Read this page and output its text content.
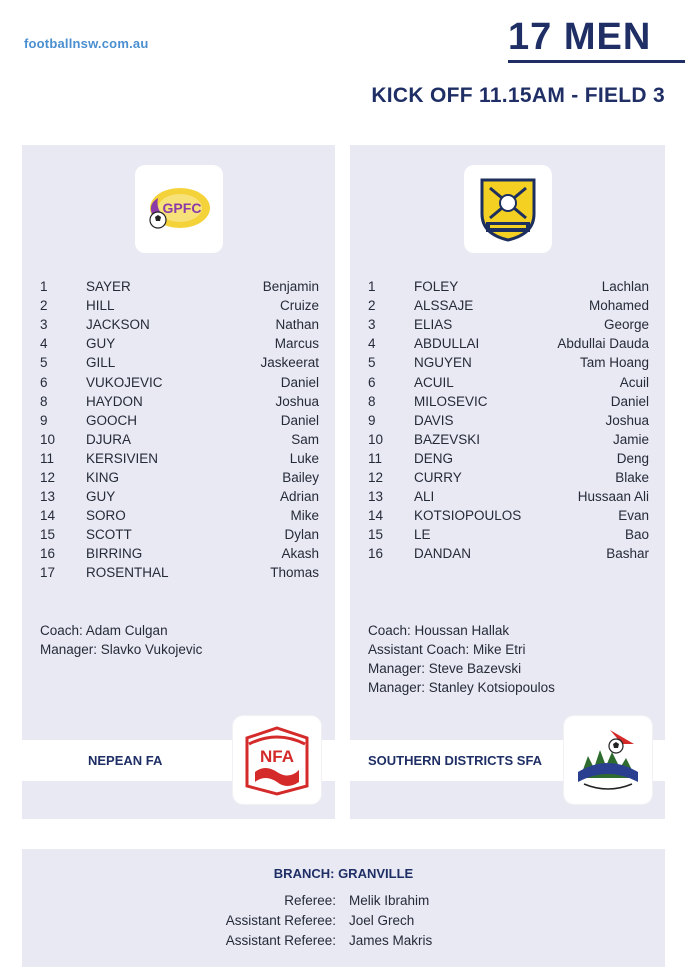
footballnsw.com.au	17 MEN
KICK OFF 11.15AM - FIELD 3
GPFC
1	SAYER	Benjamin
2	HILL	Cruize
3	JACKSON	Nathan
4	GUY	Marcus
5	GILL	Jaskeerat
6	VUKOJEVIC	Daniel
8	HAYDON	Joshua
9	GOOCH	Daniel
10	DJURA	Sam
11	KERSIVIEN	Luke
12	KING	Bailey
13	GUY	Adrian
14	SORO	Mike
15	SCOTT	Dylan
16	BIRRING	Akash
17	ROSENTHAL	Thomas
Coach: Adam Culgan
Manager: Slavko Vukojevic
NEPEAN FA	NFA
1	FOLEY	Lachlan
2	ALSSAJE	Mohamed
3	ELIAS	George
4	ABDULLAI	Abdullai Dauda
5	NGUYEN	Tam Hoang
6	ACUIL	Acuil
8	MILOSEVIC	Daniel
9	DAVIS	Joshua
10	BAZEVSKI	Jamie
11	DENG	Deng
12	CURRY	Blake
13	ALI	Hussaan Ali
14	KOTSIOPOULOS	Evan
15	LE	Bao
16	DANDAN	Bashar
Coach: Houssan Hallak
Assistant Coach: Mike Etri
Manager: Steve Bazevski
Manager: Stanley Kotsiopoulos
SOUTHERN DISTRICTS SFA
BRANCH: GRANVILLE
Referee: Melik Ibrahim
Assistant Referee: Joel Grech
Assistant Referee: James Makris
